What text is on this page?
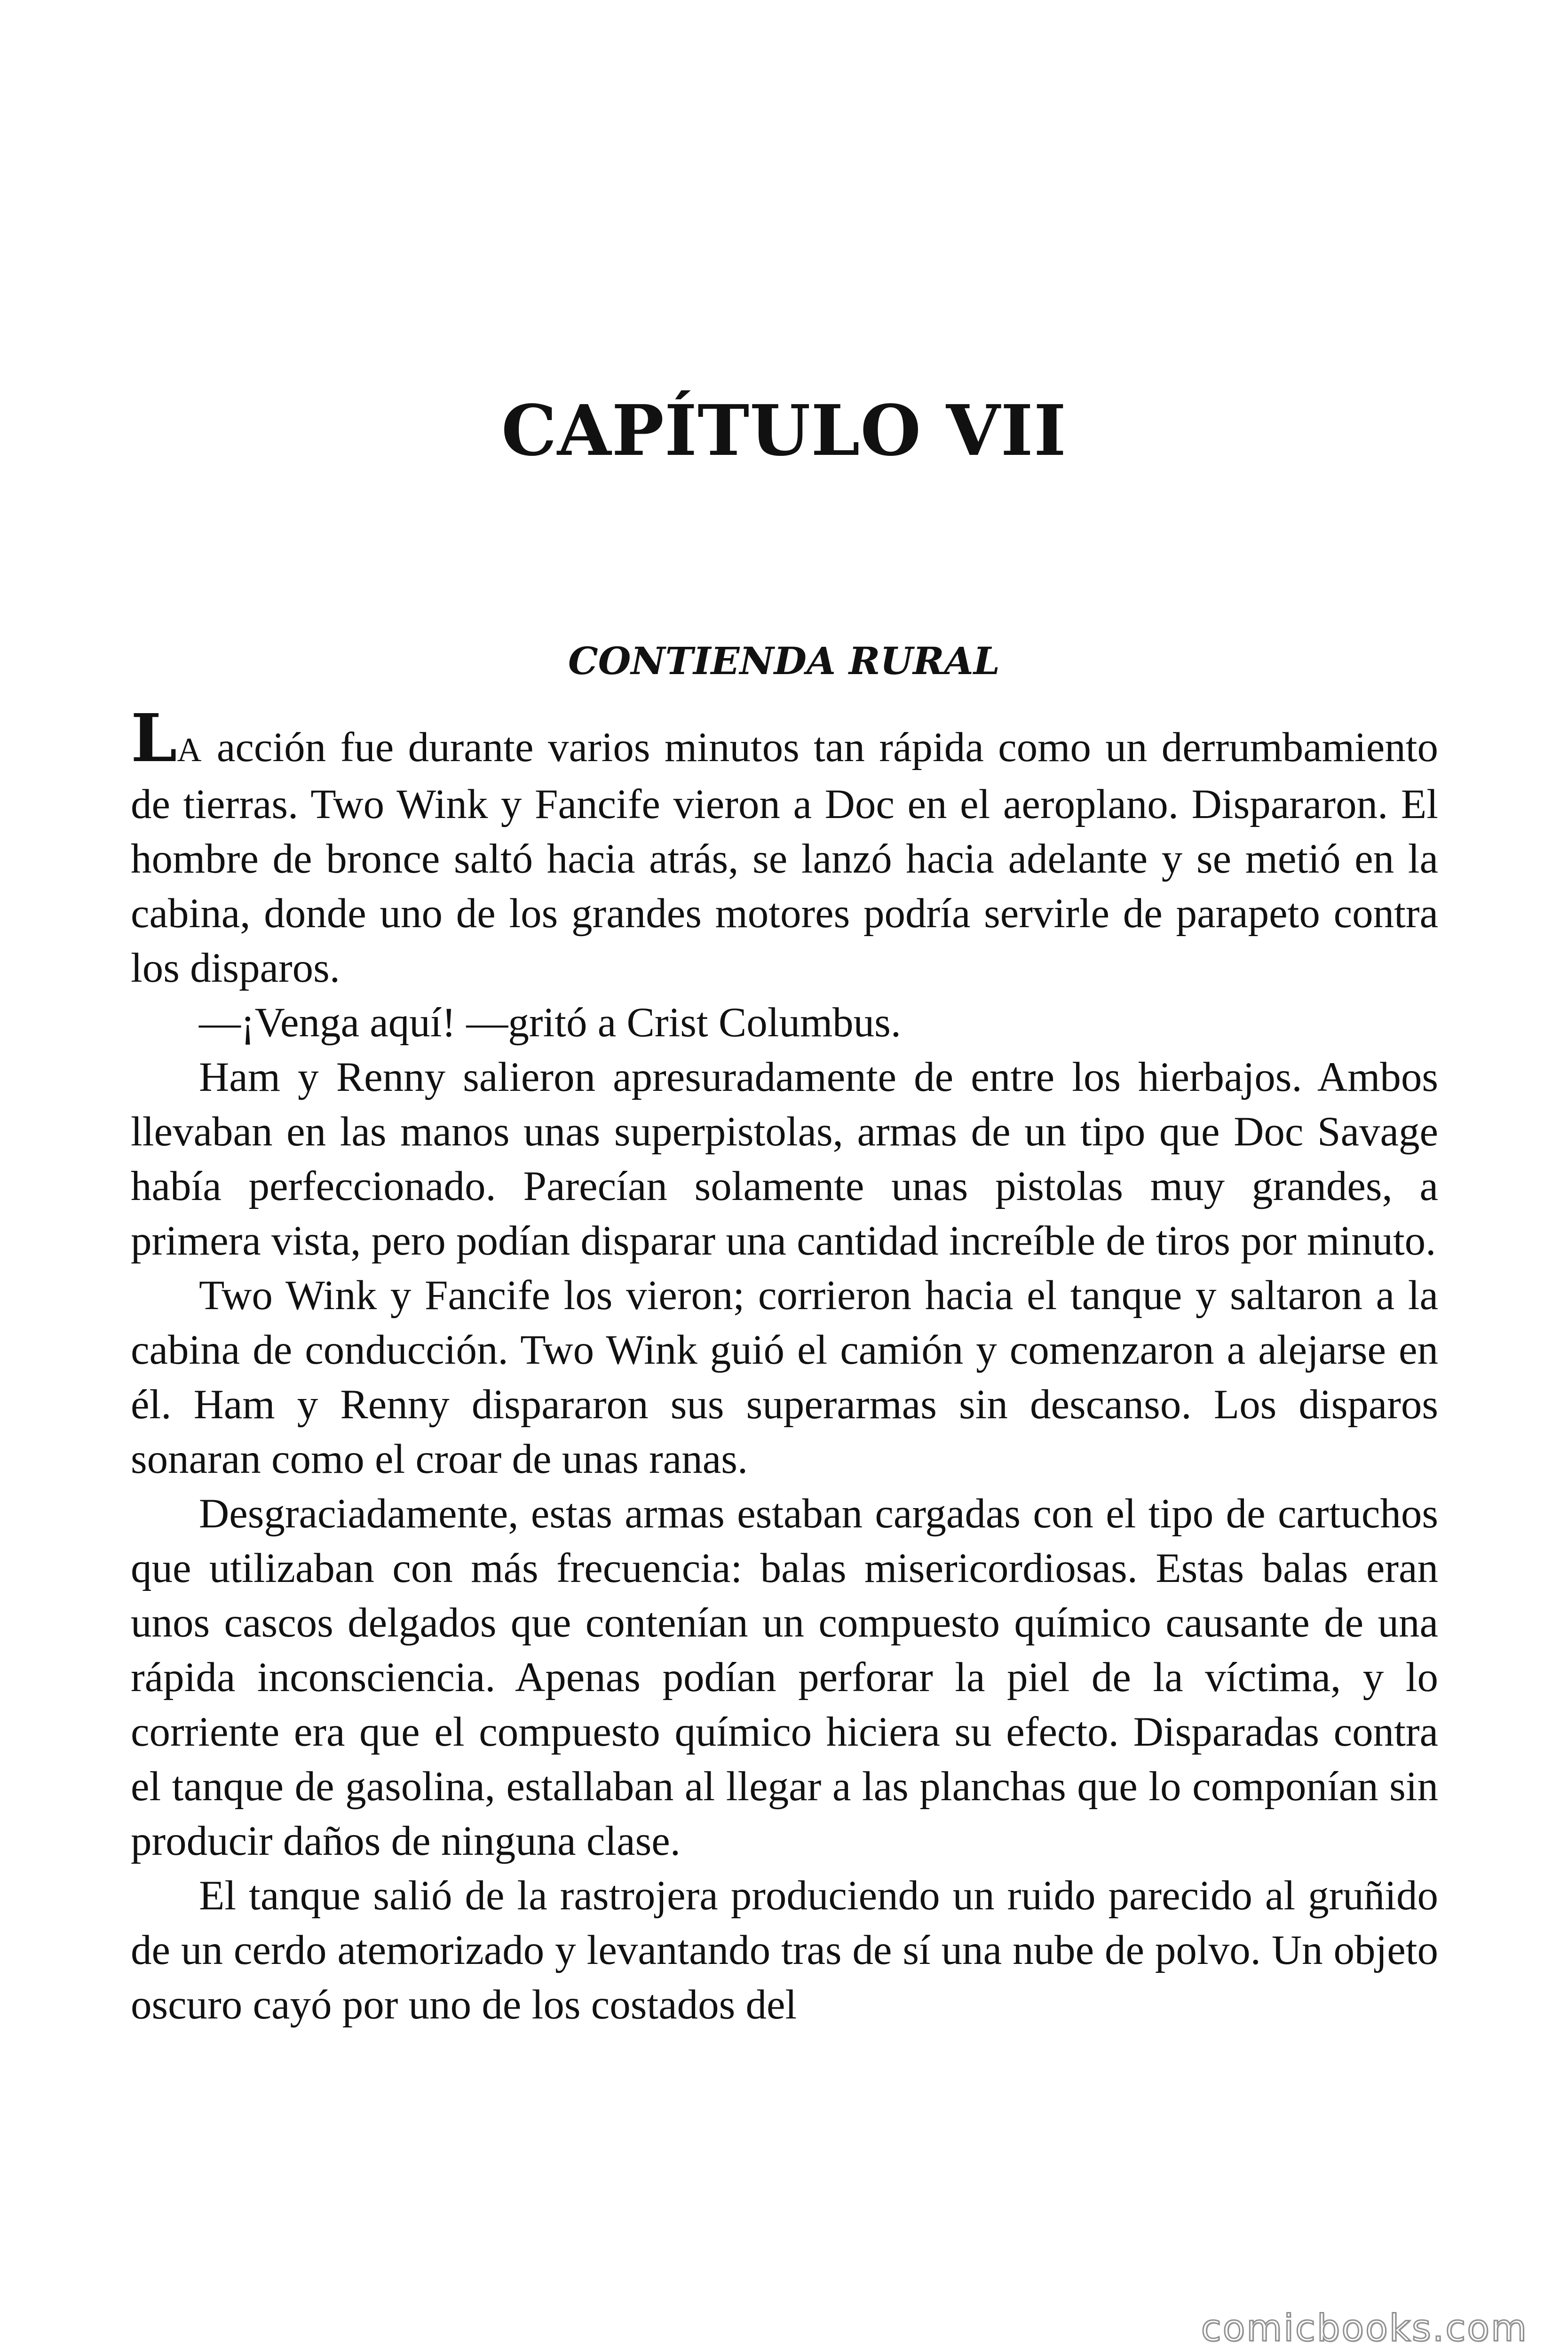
CAPÍTULO VII
CONTIENDA RURAL

LA acción fue durante varios minutos tan rápida como un derrumbamiento de tierras. Two Wink y Fancife vieron a Doc en el aeroplano. Dispararon. El hombre de bronce saltó hacia atrás, se lanzó hacia adelante y se metió en la cabina, donde uno de los grandes motores podría servirle de parapeto contra los disparos.

—¡Venga aquí! —gritó a Crist Columbus.

Ham y Renny salieron apresuradamente de entre los hierbajos. Ambos llevaban en las manos unas superpistolas, armas de un tipo que Doc Savage había perfeccionado. Parecían solamente unas pistolas muy grandes, a primera vista, pero podían disparar una cantidad increíble de tiros por minuto.

Two Wink y Fancife los vieron; corrieron hacia el tanque y saltaron a la cabina de conducción. Two Wink guió el camión y comenzaron a alejarse en él. Ham y Renny dispararon sus superarmas sin descanso. Los disparos sonaran como el croar de unas ranas.

Desgraciadamente, estas armas estaban cargadas con el tipo de cartuchos que utilizaban con más frecuencia: balas misericordiosas. Estas balas eran unos cascos delgados que contenían un compuesto químico causante de una rápida inconsciencia. Apenas podían perforar la piel de la víctima, y lo corriente era que el compuesto químico hiciera su efecto. Disparadas contra el tanque de gasolina, estallaban al llegar a las planchas que lo componían sin producir daños de ninguna clase.

El tanque salió de la rastrojera produciendo un ruido parecido al gruñido de un cerdo atemorizado y levantando tras de sí una nube de polvo. Un objeto oscuro cayó por uno de los costados del

comicbooks.com
